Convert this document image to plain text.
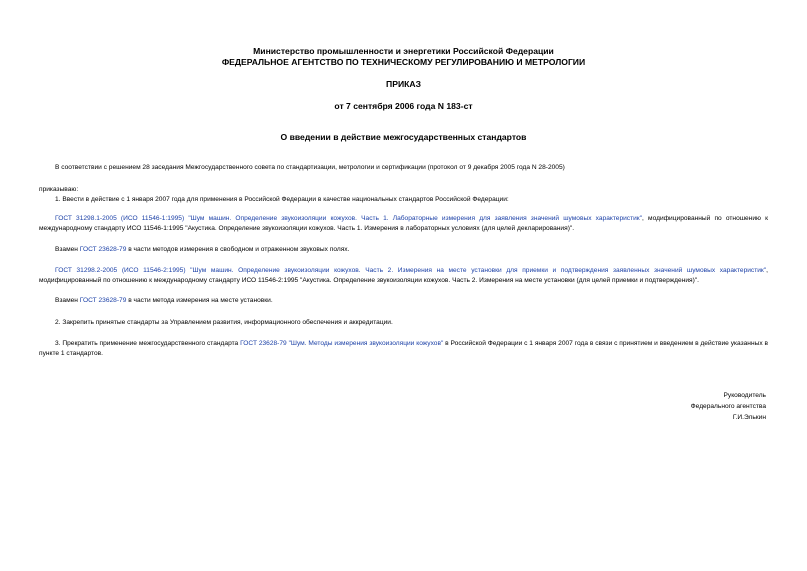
Министерство промышленности и энергетики Российской Федерации
ФЕДЕРАЛЬНОЕ АГЕНТСТВО ПО ТЕХНИЧЕСКОМУ РЕГУЛИРОВАНИЮ И МЕТРОЛОГИИ
ПРИКАЗ
от 7 сентября 2006 года N 183-ст
О введении в действие межгосударственных стандартов
В соответствии с решением 28 заседания Межгосударственного совета по стандартизации, метрологии и сертификации (протокол от 9 декабря 2005 года N 28-2005)
приказываю:
1. Ввести в действие с 1 января 2007 года для применения в Российской Федерации в качестве национальных стандартов Российской Федерации:
ГОСТ 31298.1-2005 (ИСО 11546-1:1995) "Шум машин. Определение звукоизоляции кожухов. Часть 1. Лабораторные измерения для заявления значений шумовых характеристик", модифицированный по отношению к международному стандарту ИСО 11546-1:1995 "Акустика. Определение звукоизоляции кожухов. Часть 1. Измерения в лабораторных условиях (для целей декларирования)".
Взамен ГОСТ 23628-79 в части методов измерения в свободном и отраженном звуковых полях.
ГОСТ 31298.2-2005 (ИСО 11546-2:1995) "Шум машин. Определение звукоизоляции кожухов. Часть 2. Измерения на месте установки для приемки и подтверждения заявленных значений шумовых характеристик", модифицированный по отношению к международному стандарту ИСО 11546-2:1995 "Акустика. Определение звукоизоляции кожухов. Часть 2. Измерения на месте установки (для целей приемки и подтверждения)".
Взамен ГОСТ 23628-79 в части метода измерения на месте установки.
2. Закрепить принятые стандарты за Управлением развития, информационного обеспечения и аккредитации.
3. Прекратить применение межгосударственного стандарта ГОСТ 23628-79 "Шум. Методы измерения звукоизоляции кожухов" в Российской Федерации с 1 января 2007 года в связи с принятием и введением в действие указанных в пункте 1 стандартов.
Руководитель
Федерального агентства
Г.И.Элькин
